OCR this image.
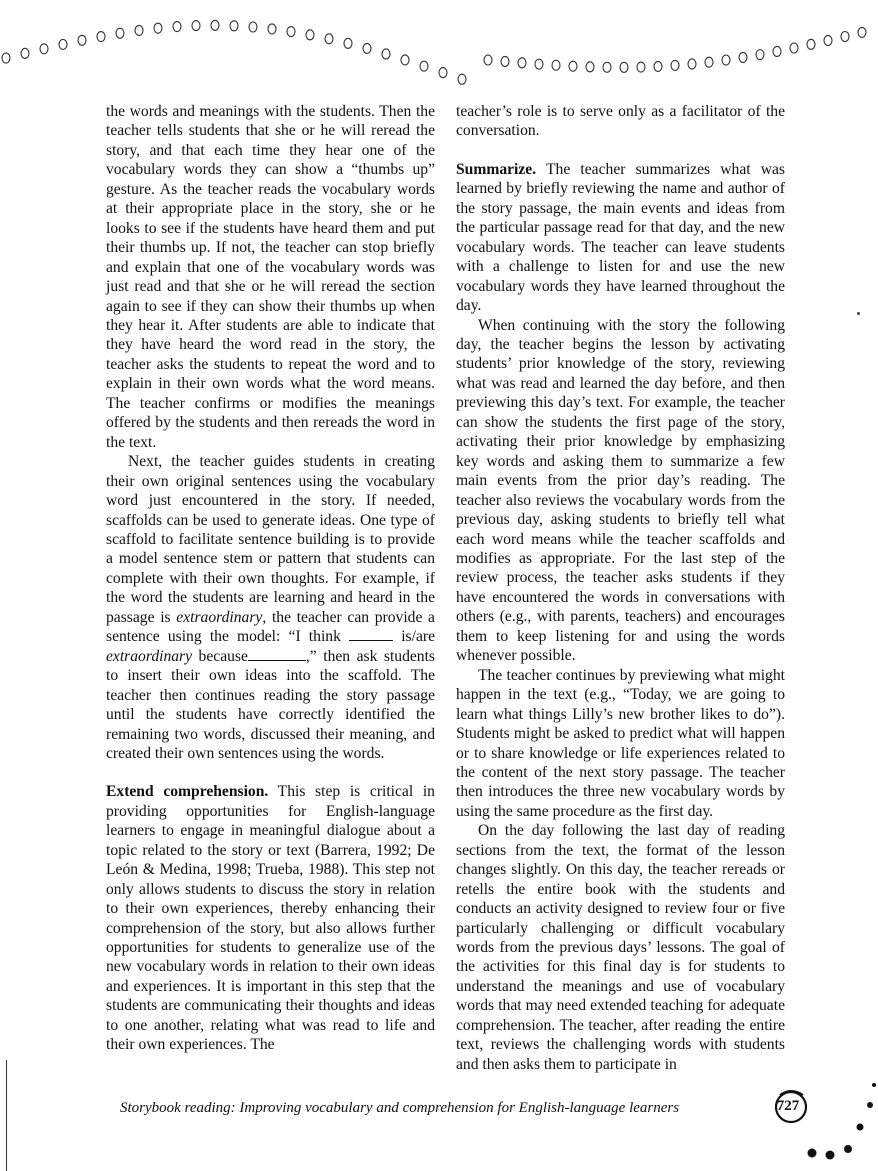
the words and meanings with the students. Then the teacher tells students that she or he will reread the story, and that each time they hear one of the vocabulary words they can show a “thumbs up” gesture. As the teacher reads the vocabulary words at their appropriate place in the story, she or he looks to see if the students have heard them and put their thumbs up. If not, the teacher can stop briefly and explain that one of the vocabulary words was just read and that she or he will reread the section again to see if they can show their thumbs up when they hear it. After students are able to indicate that they have heard the word read in the story, the teacher asks the students to repeat the word and to explain in their own words what the word means. The teacher confirms or modifies the meanings offered by the students and then rereads the word in the text.

Next, the teacher guides students in creating their own original sentences using the vocabulary word just encountered in the story. If needed, scaffolds can be used to generate ideas. One type of scaffold to facilitate sentence building is to provide a model sentence stem or pattern that students can complete with their own thoughts. For example, if the word the students are learning and heard in the passage is extraordinary, the teacher can provide a sentence using the model: “I think	is/are extraordinary because	,” then ask students to insert their own ideas into the scaffold. The teacher then continues reading the story passage until the students have correctly identified the remaining two words, discussed their meaning, and created their own sentences using the words.

Extend comprehension. This step is critical in providing opportunities for English-language learners to engage in meaningful dialogue about a topic related to the story or text (Barrera, 1992; De León & Medina, 1998; Trueba, 1988). This step not only allows students to discuss the story in relation to their own experiences, thereby enhancing their comprehension of the story, but also allows further opportunities for students to generalize use of the new vocabulary words in relation to their own ideas and experiences. It is important in this step that the students are communicating their thoughts and ideas to one another, relating what was read to life and their own experiences. The

teacher’s role is to serve only as a facilitator of the conversation.

Summarize. The teacher summarizes what was learned by briefly reviewing the name and author of the story passage, the main events and ideas from the particular passage read for that day, and the new vocabulary words. The teacher can leave students with a challenge to listen for and use the new vocabulary words they have learned throughout the day.

When continuing with the story the following day, the teacher begins the lesson by activating students’ prior knowledge of the story, reviewing what was read and learned the day before, and then previewing this day’s text. For example, the teacher can show the students the first page of the story, activating their prior knowledge by emphasizing key words and asking them to summarize a few main events from the prior day’s reading. The teacher also reviews the vocabulary words from the previous day, asking students to briefly tell what each word means while the teacher scaffolds and modifies as appropriate. For the last step of the review process, the teacher asks students if they have encountered the words in conversations with others (e.g., with parents, teachers) and encourages them to keep listening for and using the words whenever possible.

The teacher continues by previewing what might happen in the text (e.g., “Today, we are going to learn what things Lilly’s new brother likes to do”). Students might be asked to predict what will happen or to share knowledge or life experiences related to the content of the next story passage. The teacher then introduces the three new vocabulary words by using the same procedure as the first day.

On the day following the last day of reading sections from the text, the format of the lesson changes slightly. On this day, the teacher rereads or retells the entire book with the students and conducts an activity designed to review four or five particularly challenging or difficult vocabulary words from the previous days’ lessons. The goal of the activities for this final day is for students to understand the meanings and use of vocabulary words that may need extended teaching for adequate comprehension. The teacher, after reading the entire text, reviews the challenging words with students and then asks them to participate in

Storybook reading: Improving vocabulary and comprehension for English-language learners	727
